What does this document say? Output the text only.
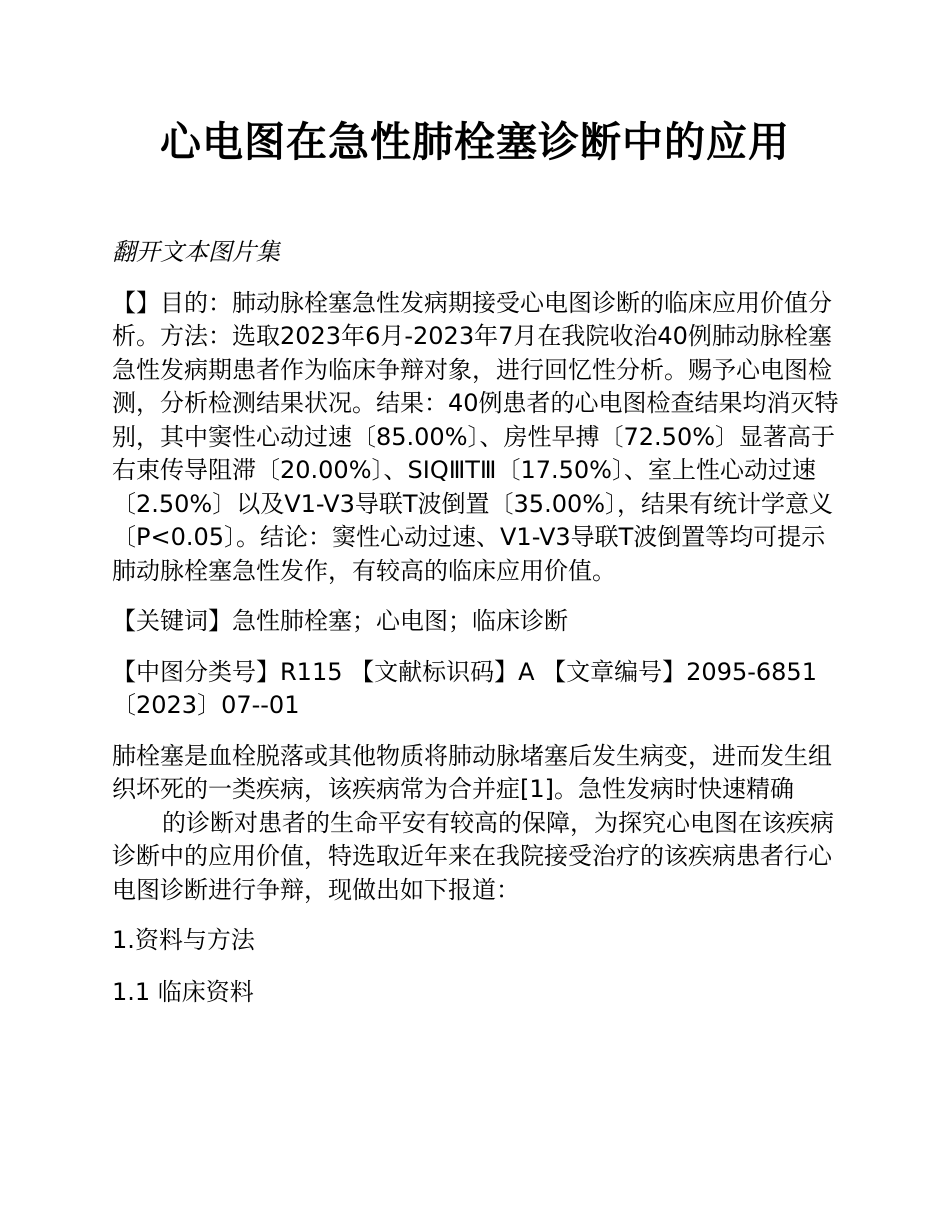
心电图在急性肺栓塞诊断中的应用

翻开文本图片集

【】目的：肺动脉栓塞急性发病期接受心电图诊断的临床应用价值分析。方法：选取2023年6月-2023年7月在我院收治40例肺动脉栓塞急性发病期患者作为临床争辩对象，进行回忆性分析。赐予心电图检测，分析检测结果状况。结果：40例患者的心电图检查结果均消灭特别，其中窦性心动过速〔85.00%〕、房性早搏〔72.50%〕显著高于右束传导阻滞〔20.00%〕、SIQⅢTⅢ〔17.50%〕、室上性心动过速〔2.50%〕以及V1-V3导联T波倒置〔35.00%〕，结果有统计学意义〔P<0.05〕。结论：窦性心动过速、V1-V3导联T波倒置等均可提示肺动脉栓塞急性发作，有较高的临床应用价值。

【关键词】急性肺栓塞；心电图；临床诊断

【中图分类号】R115 【文献标识码】A 【文章编号】2095-6851〔2023〕07--01

肺栓塞是血栓脱落或其他物质将肺动脉堵塞后发生病变，进而发生组织坏死的一类疾病，该疾病常为合并症[1]。急性发病时快速精确的诊断对患者的生命平安有较高的保障，为探究心电图在该疾病诊断中的应用价值，特选取近年来在我院接受治疗的该疾病患者行心电图诊断进行争辩，现做出如下报道：

1.资料与方法

1.1 临床资料
